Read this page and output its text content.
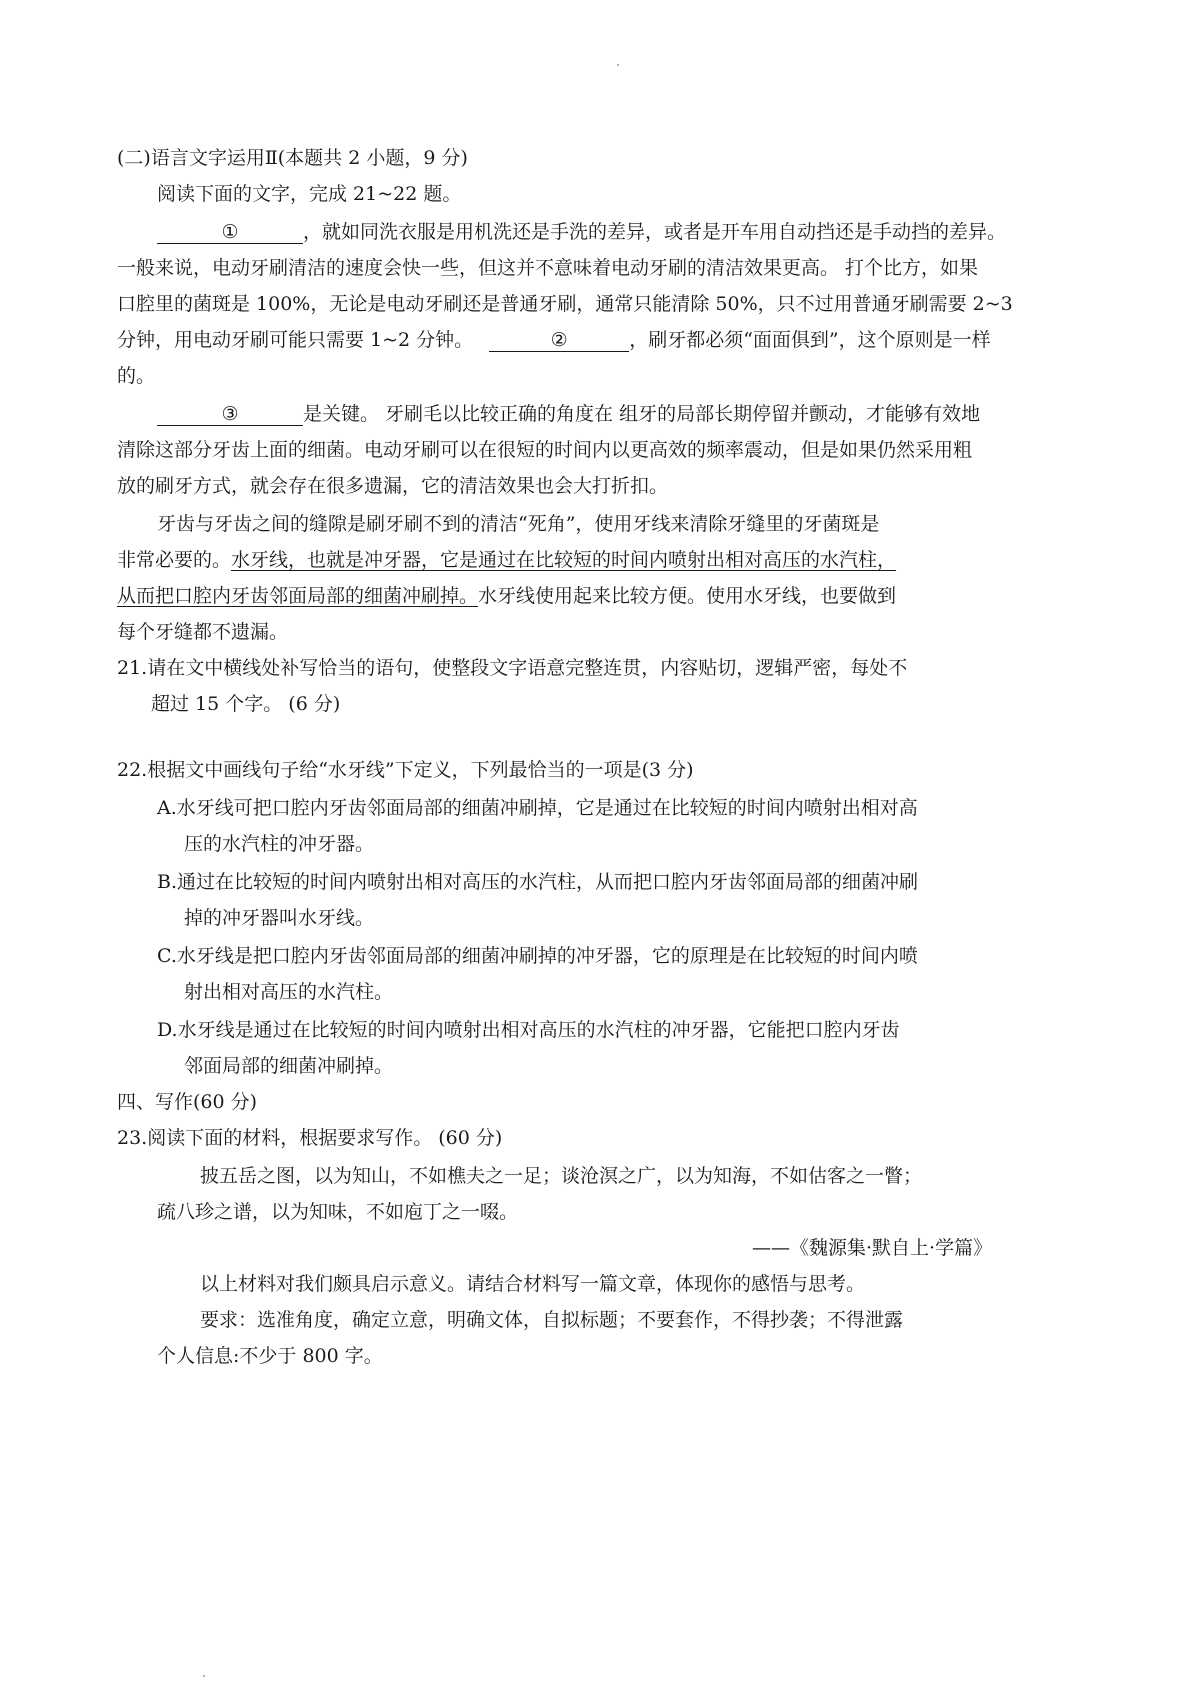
(二)语言文字运用Ⅱ(本题共 2 小题，9 分)
阅读下面的文字，完成 21~22 题。
①	，就如同洗衣服是用机洗还是手洗的差异，或者是开车用自动挡还是手动挡的差异。
一般来说，电动牙刷清洁的速度会快一些，但这并不意味着电动牙刷的清洁效果更高。 打个比方，如果
口腔里的菌斑是 100%，无论是电动牙刷还是普通牙刷，通常只能清除 50%，只不过用普通牙刷需要 2~3
分钟，用电动牙刷可能只需要 1~2 分钟。	②	，刷牙都必须“面面俱到”，这个原则是一样
的。
③	是关键。 牙刷毛以比较正确的角度在 组牙的局部长期停留并颤动，才能够有效地
清除这部分牙齿上面的细菌。电动牙刷可以在很短的时间内以更高效的频率震动，但是如果仍然采用粗
放的刷牙方式，就会存在很多遗漏，它的清洁效果也会大打折扣。
牙齿与牙齿之间的缝隙是刷牙刷不到的清洁“死角”，使用牙线来清除牙缝里的牙菌斑是
非常必要的。水牙线，也就是冲牙器，它是通过在比较短的时间内喷射出相对高压的水汽柱，
从而把口腔内牙齿邻面局部的细菌冲刷掉。水牙线使用起来比较方便。使用水牙线，也要做到
每个牙缝都不遗漏。
21.请在文中横线处补写恰当的语句，使整段文字语意完整连贯，内容贴切，逻辑严密，每处不
超过 15 个字。 (6 分)
22.根据文中画线句子给“水牙线”下定义，下列最恰当的一项是(3 分)
A.水牙线可把口腔内牙齿邻面局部的细菌冲刷掉，它是通过在比较短的时间内喷射出相对高
压的水汽柱的冲牙器。
B.通过在比较短的时间内喷射出相对高压的水汽柱，从而把口腔内牙齿邻面局部的细菌冲刷
掉的冲牙器叫水牙线。
C.水牙线是把口腔内牙齿邻面局部的细菌冲刷掉的冲牙器，它的原理是在比较短的时间内喷
射出相对高压的水汽柱。
D.水牙线是通过在比较短的时间内喷射出相对高压的水汽柱的冲牙器，它能把口腔内牙齿
邻面局部的细菌冲刷掉。
四、写作(60 分)
23.阅读下面的材料，根据要求写作。 (60 分)
披五岳之图，以为知山，不如樵夫之一足；谈沧溟之广，以为知海，不如估客之一瞥；
疏八珍之谱，以为知味，不如庖丁之一啜。
——《魏源集·默自上·学篇》
以上材料对我们颇具启示意义。请结合材料写一篇文章，体现你的感悟与思考。
要求：选准角度，确定立意，明确文体，自拟标题；不要套作，不得抄袭；不得泄露
个人信息:不少于 800 字。
